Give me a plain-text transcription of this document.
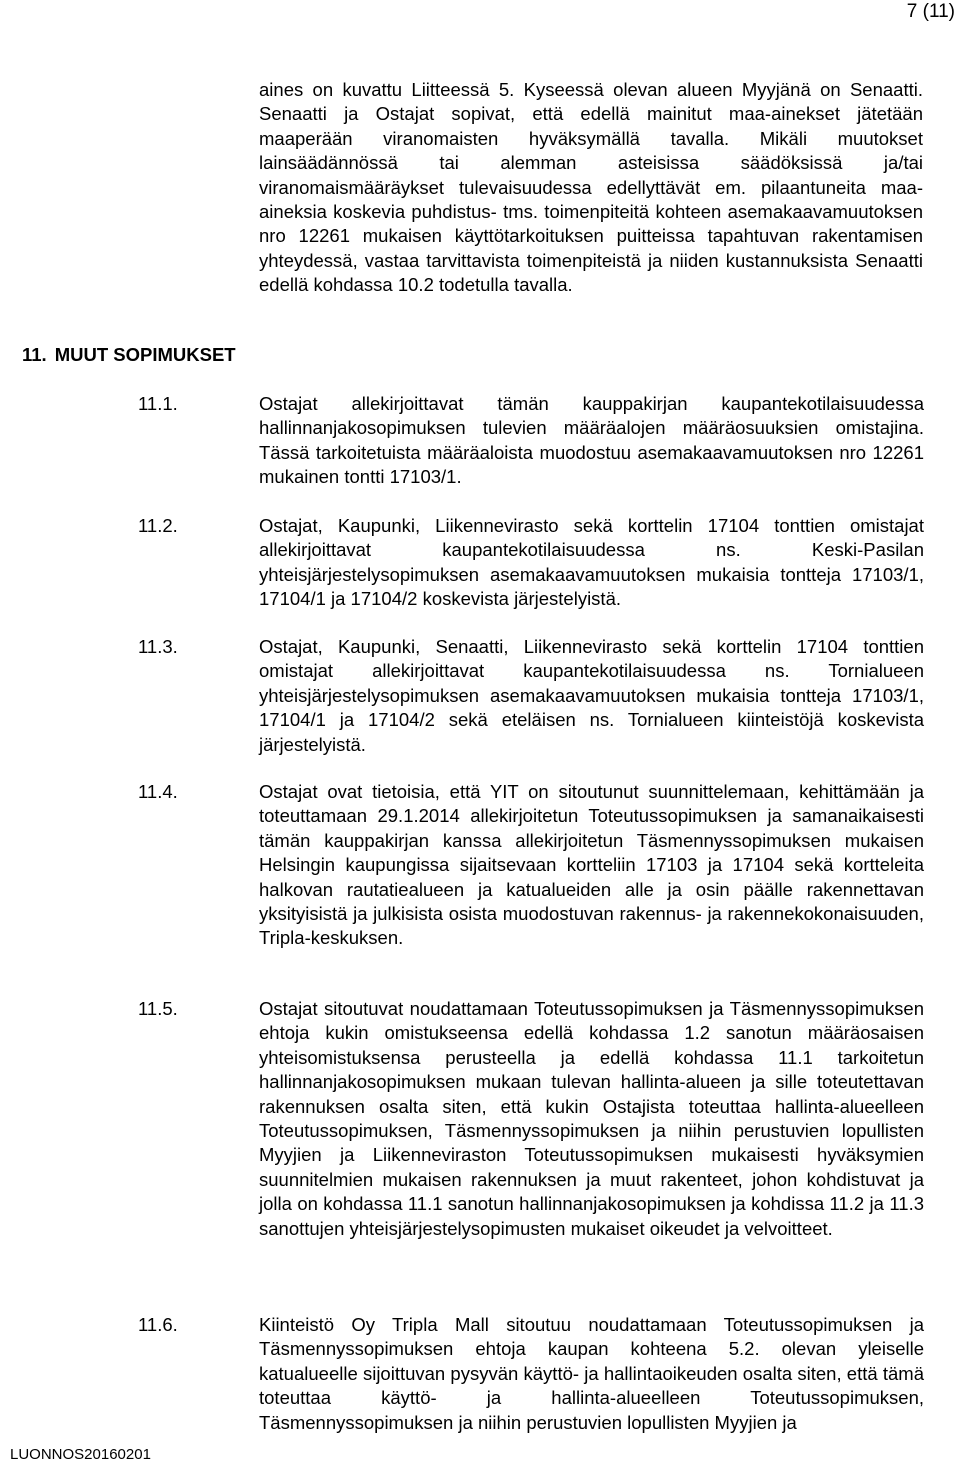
7 (11)
aines on kuvattu Liitteessä 5. Kyseessä olevan alueen Myyjänä on Senaatti. Senaatti ja Ostajat sopivat, että edellä mainitut maa-ainekset jätetään maaperään viranomaisten hyväksymällä tavalla. Mikäli muutokset lainsäädännössä tai alemman asteisissa säädöksissä ja/tai viranomaismääräykset tulevaisuudessa edellyttävät em. pilaantuneita maa-aineksia koskevia puhdistus- tms. toimenpiteitä kohteen asemakaavamuutoksen nro 12261 mukaisen käyttötarkoituksen puitteissa tapahtuvan rakentamisen yhteydessä, vastaa tarvittavista toimenpiteistä ja niiden kustannuksista Senaatti edellä kohdassa 10.2 todetulla tavalla.
11. MUUT SOPIMUKSET
11.1.	Ostajat allekirjoittavat tämän kauppakirjan kaupantekotilaisuudessa hallinnanjakosopimuksen tulevien määräalojen määräosuuksien omistajina. Tässä tarkoitetuista määräaloista muodostuu asemakaavamuutoksen nro 12261 mukainen tontti 17103/1.
11.2.	Ostajat, Kaupunki, Liikennevirasto sekä korttelin 17104 tonttien omistajat allekirjoittavat kaupantekotilaisuudessa ns. Keski-Pasilan yhteisjärjestelysopimuksen asemakaavamuutoksen mukaisia tontteja 17103/1, 17104/1 ja 17104/2 koskevista järjestelyistä.
11.3.	Ostajat, Kaupunki, Senaatti, Liikennevirasto sekä korttelin 17104 tonttien omistajat allekirjoittavat kaupantekotilaisuudessa ns. Tornialueen yhteisjärjestelysopimuksen asemakaavamuutoksen mukaisia tontteja 17103/1, 17104/1 ja 17104/2 sekä eteläisen ns. Tornialueen kiinteistöjä koskevista järjestelyistä.
11.4.	Ostajat ovat tietoisia, että YIT on sitoutunut suunnittelemaan, kehittämään ja toteuttamaan 29.1.2014 allekirjoitetun Toteutussopimuksen ja samanaikaisesti tämän kauppakirjan kanssa allekirjoitetun Täsmennyssopimuksen mukaisen Helsingin kaupungissa sijaitsevaan kortteliin 17103 ja 17104 sekä kortteleita halkovan rautatiealueen ja katualueiden alle ja osin päälle rakennettavan yksityisistä ja julkisista osista muodostuvan rakennus- ja rakennekokonaisuuden, Tripla-keskuksen.
11.5.	Ostajat sitoutuvat noudattamaan Toteutussopimuksen ja Täsmennyssopimuksen ehtoja kukin omistukseensa edellä kohdassa 1.2 sanotun määräosaisen yhteisomistuksensa perusteella ja edellä kohdassa 11.1 tarkoitetun hallinnanjakosopimuksen mukaan tulevan hallinta-alueen ja sille toteutettavan rakennuksen osalta siten, että kukin Ostajista toteuttaa hallinta-alueelleen Toteutussopimuksen, Täsmennyssopimuksen ja niihin perustuvien lopullisten Myyjien ja Liikenneviraston Toteutussopimuksen mukaisesti hyväksymien suunnitelmien mukaisen rakennuksen ja muut rakenteet, johon kohdistuvat ja jolla on kohdassa 11.1 sanotun hallinnanjakosopimuksen ja kohdissa 11.2 ja 11.3 sanottujen yhteisjärjestelysopimusten mukaiset oikeudet ja velvoitteet.
11.6.	Kiinteistö Oy Tripla Mall sitoutuu noudattamaan Toteutussopimuksen ja Täsmennyssopimuksen ehtoja kaupan kohteena 5.2. olevan yleiselle katualueelle sijoittuvan pysyvän käyttö- ja hallintaoikeuden osalta siten, että tämä toteuttaa käyttö- ja hallinta-alueelleen Toteutussopimuksen, Täsmennyssopimuksen ja niihin perustuvien lopullisten Myyjien ja
LUONNOS20160201
